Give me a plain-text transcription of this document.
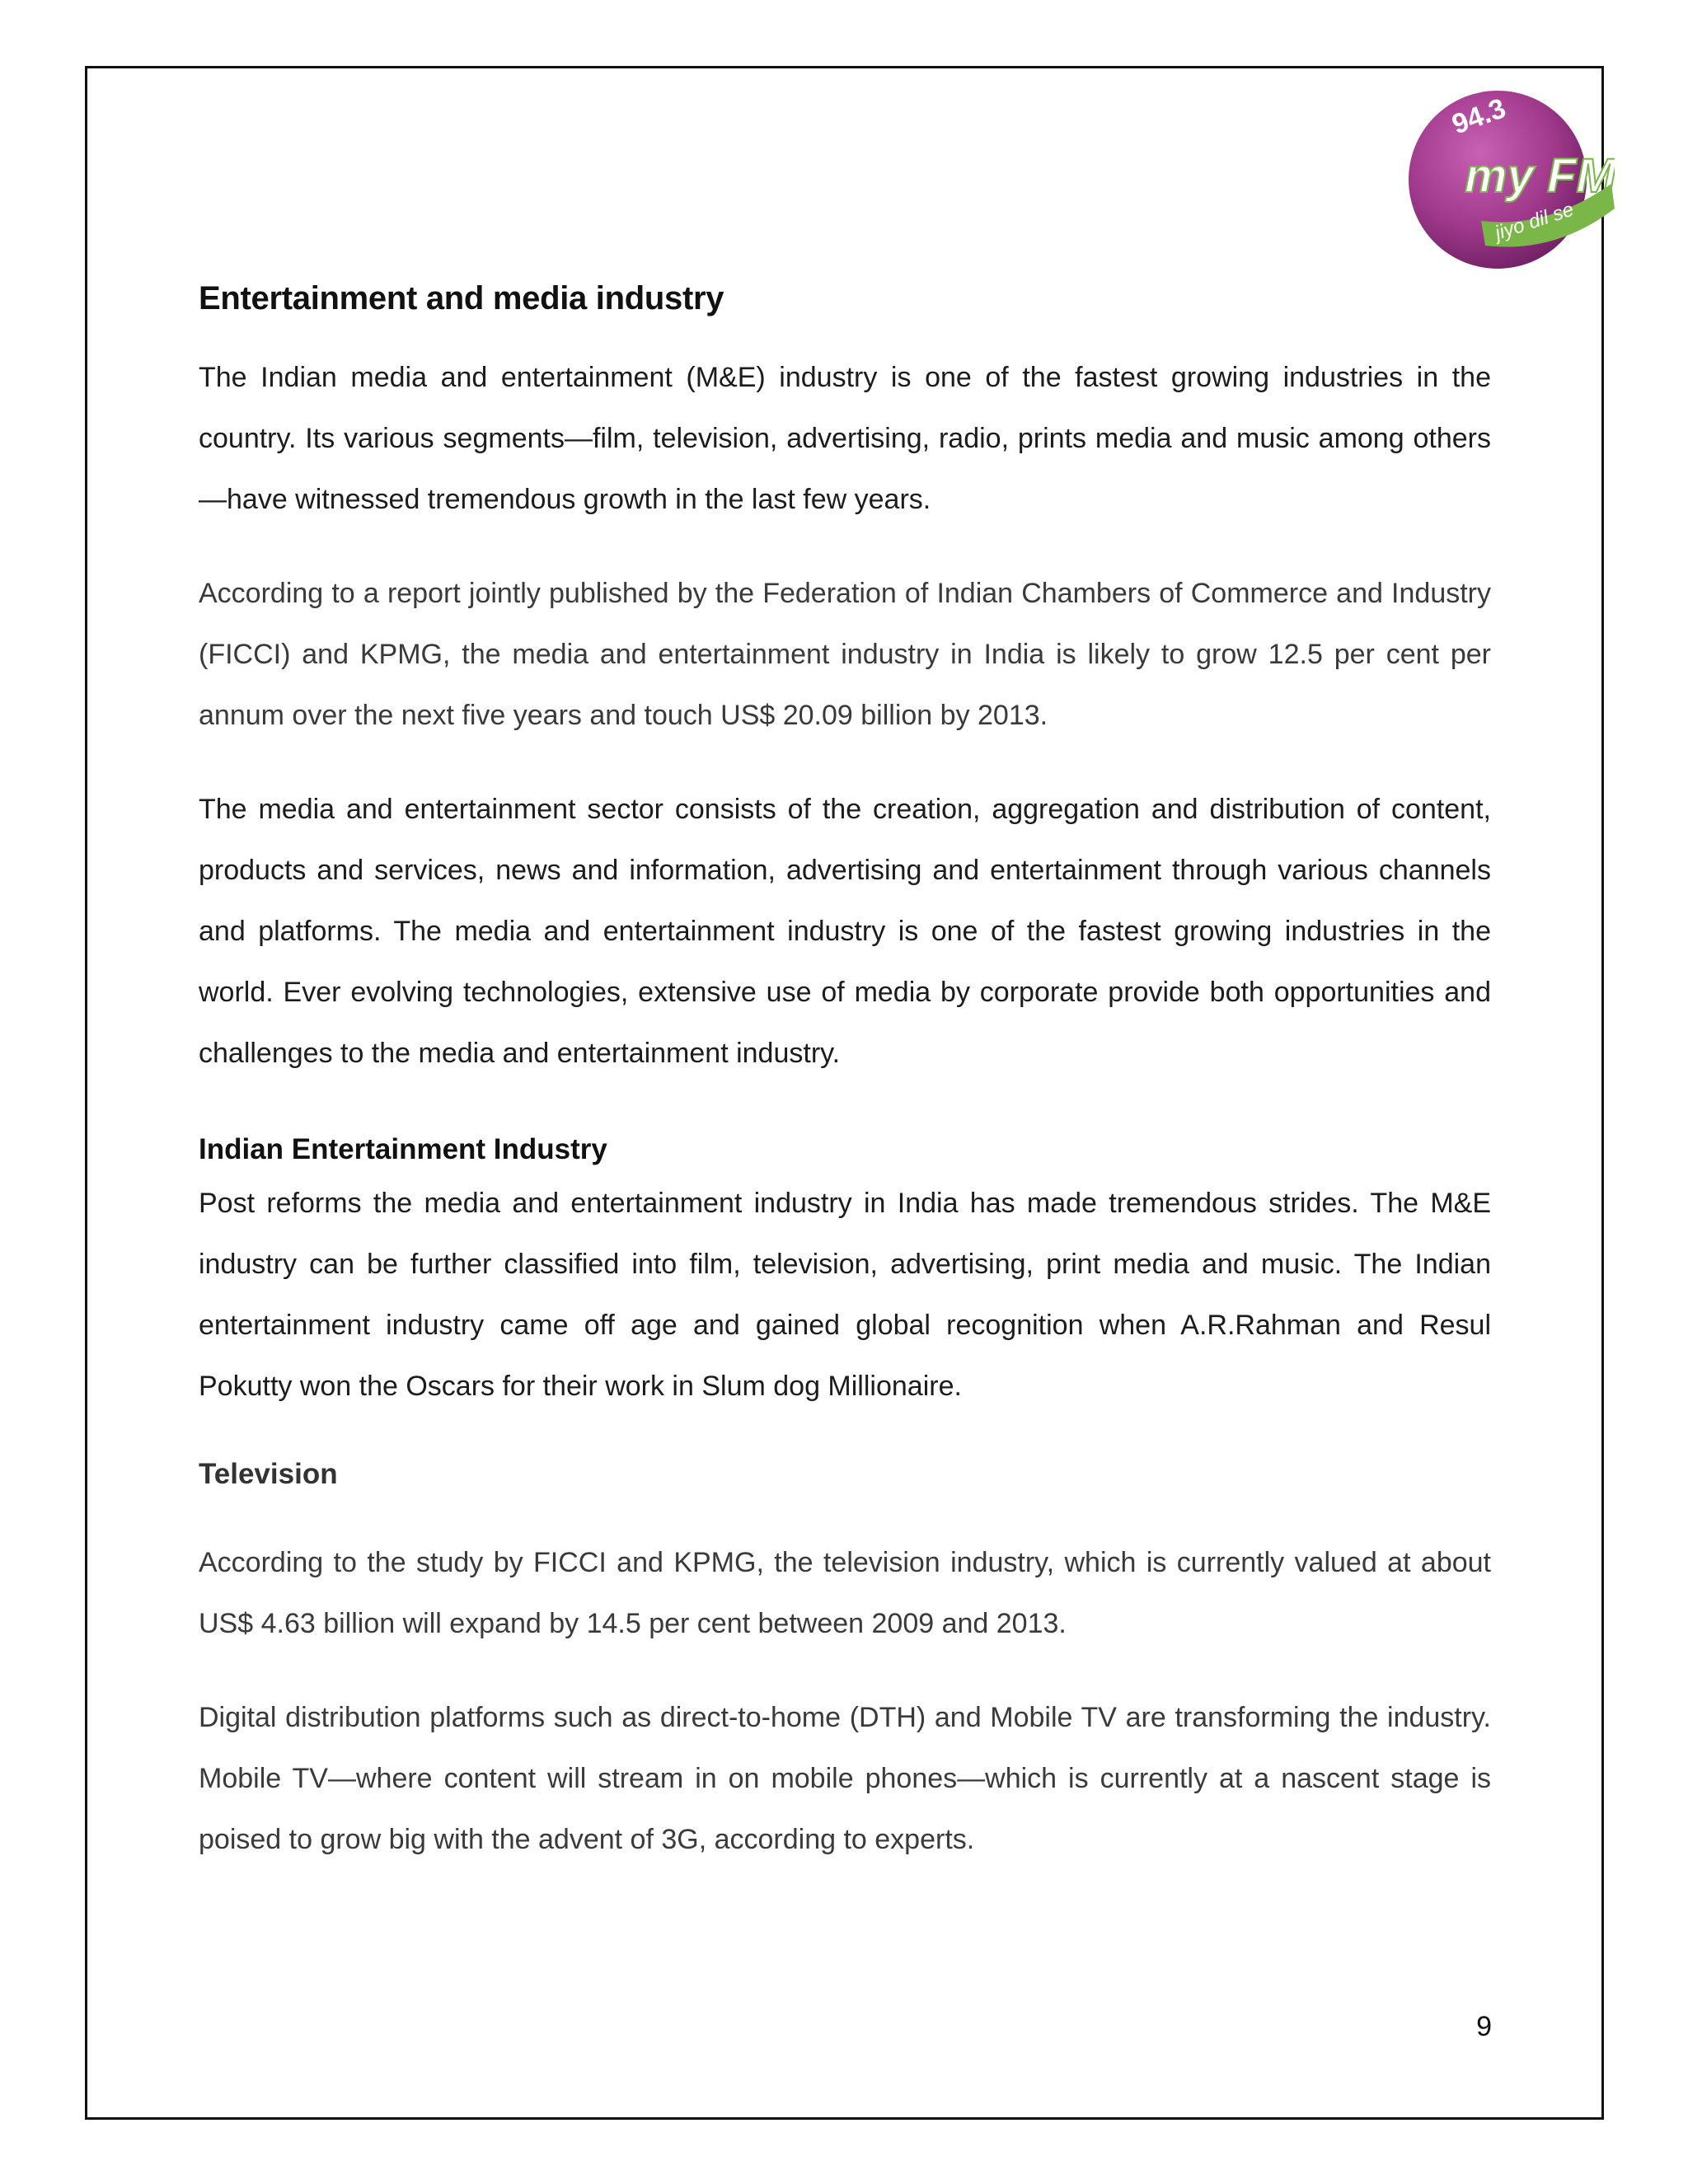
94.3
my FM
jiyo dil se
Entertainment and media industry

The Indian media and entertainment (M&E) industry is one of the fastest growing industries in the country. Its various segments—film, television, advertising, radio, prints media and music among others—have witnessed tremendous growth in the last few years.

According to a report jointly published by the Federation of Indian Chambers of Commerce and Industry (FICCI) and KPMG, the media and entertainment industry in India is likely to grow 12.5 per cent per annum over the next five years and touch US$ 20.09 billion by 2013.

The media and entertainment sector consists of the creation, aggregation and distribution of content, products and services, news and information, advertising and entertainment through various channels and platforms. The media and entertainment industry is one of the fastest growing industries in the world. Ever evolving technologies, extensive use of media by corporate provide both opportunities and challenges to the media and entertainment industry.

Indian Entertainment Industry

Post reforms the media and entertainment industry in India has made tremendous strides. The M&E industry can be further classified into film, television, advertising, print media and music. The Indian entertainment industry came off age and gained global recognition when A.R.Rahman and Resul Pokutty won the Oscars for their work in Slum dog Millionaire.

Television

According to the study by FICCI and KPMG, the television industry, which is currently valued at about US$ 4.63 billion will expand by 14.5 per cent between 2009 and 2013.

Digital distribution platforms such as direct-to-home (DTH) and Mobile TV are transforming the industry. Mobile TV—where content will stream in on mobile phones—which is currently at a nascent stage is poised to grow big with the advent of 3G, according to experts.

9
